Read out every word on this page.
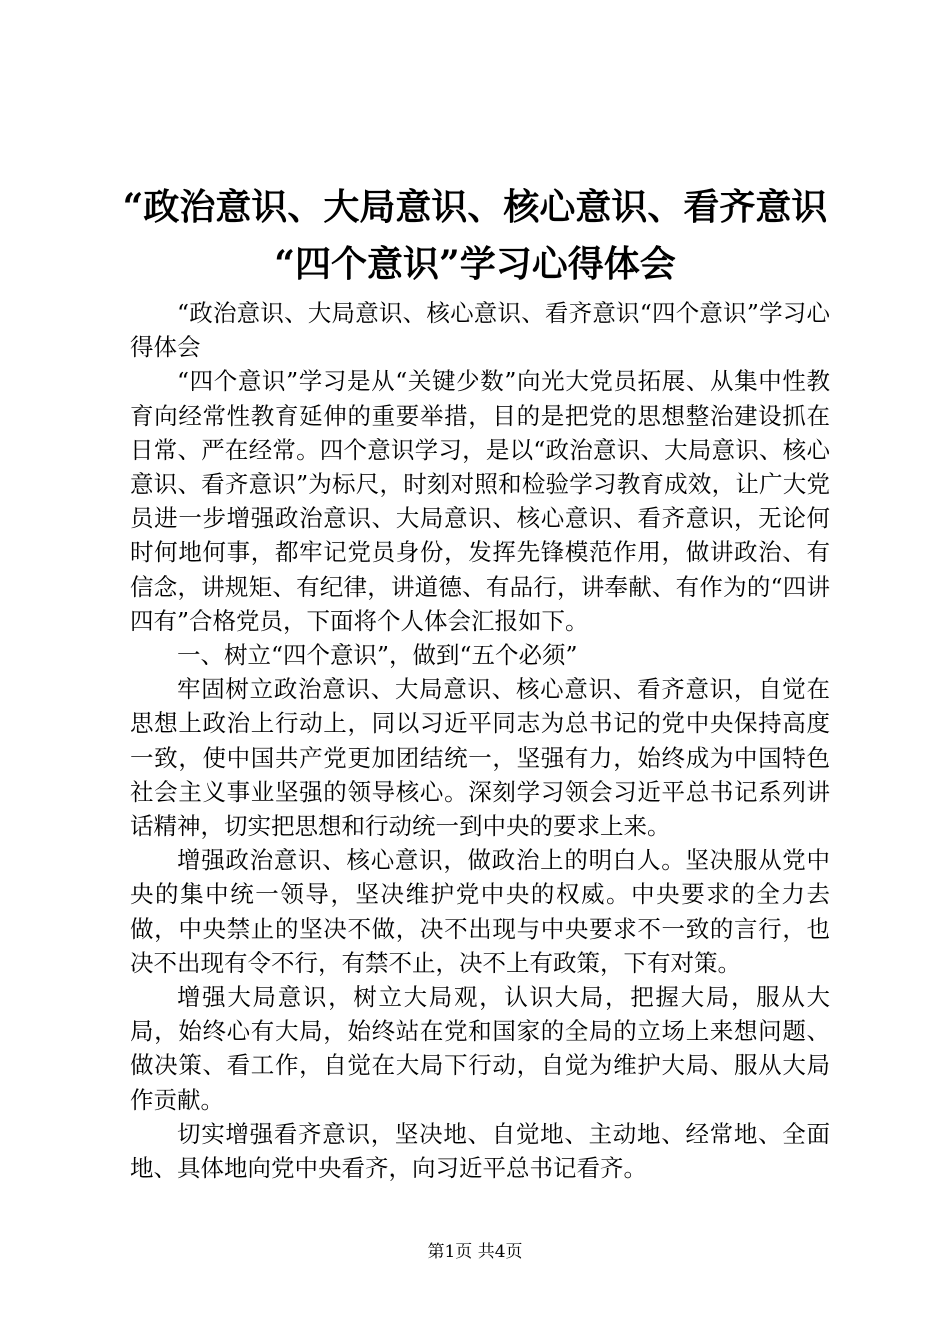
“政治意识、大局意识、核心意识、看齐意识
“四个意识”学习心得体会

“政治意识、大局意识、核心意识、看齐意识“四个意识”学习心得体会

“四个意识”学习是从“关键少数”向光大党员拓展、从集中性教育向经常性教育延伸的重要举措，目的是把党的思想整治建设抓在日常、严在经常。四个意识学习，是以“政治意识、大局意识、核心意识、看齐意识”为标尺，时刻对照和检验学习教育成效，让广大党员进一步增强政治意识、大局意识、核心意识、看齐意识，无论何时何地何事，都牢记党员身份，发挥先锋模范作用，做讲政治、有信念，讲规矩、有纪律，讲道德、有品行，讲奉献、有作为的“四讲四有”合格党员，下面将个人体会汇报如下。

一、树立“四个意识”，做到“五个必须”

牢固树立政治意识、大局意识、核心意识、看齐意识，自觉在思想上政治上行动上，同以习近平同志为总书记的党中央保持高度一致，使中国共产党更加团结统一，坚强有力，始终成为中国特色社会主义事业坚强的领导核心。深刻学习领会习近平总书记系列讲话精神，切实把思想和行动统一到中央的要求上来。

增强政治意识、核心意识，做政治上的明白人。坚决服从党中央的集中统一领导，坚决维护党中央的权威。中央要求的全力去做，中央禁止的坚决不做，决不出现与中央要求不一致的言行，也决不出现有令不行，有禁不止，决不上有政策，下有对策。

增强大局意识，树立大局观，认识大局，把握大局，服从大局，始终心有大局，始终站在党和国家的全局的立场上来想问题、做决策、看工作，自觉在大局下行动，自觉为维护大局、服从大局作贡献。

切实增强看齐意识，坚决地、自觉地、主动地、经常地、全面地、具体地向党中央看齐，向习近平总书记看齐。

第1页 共4页
